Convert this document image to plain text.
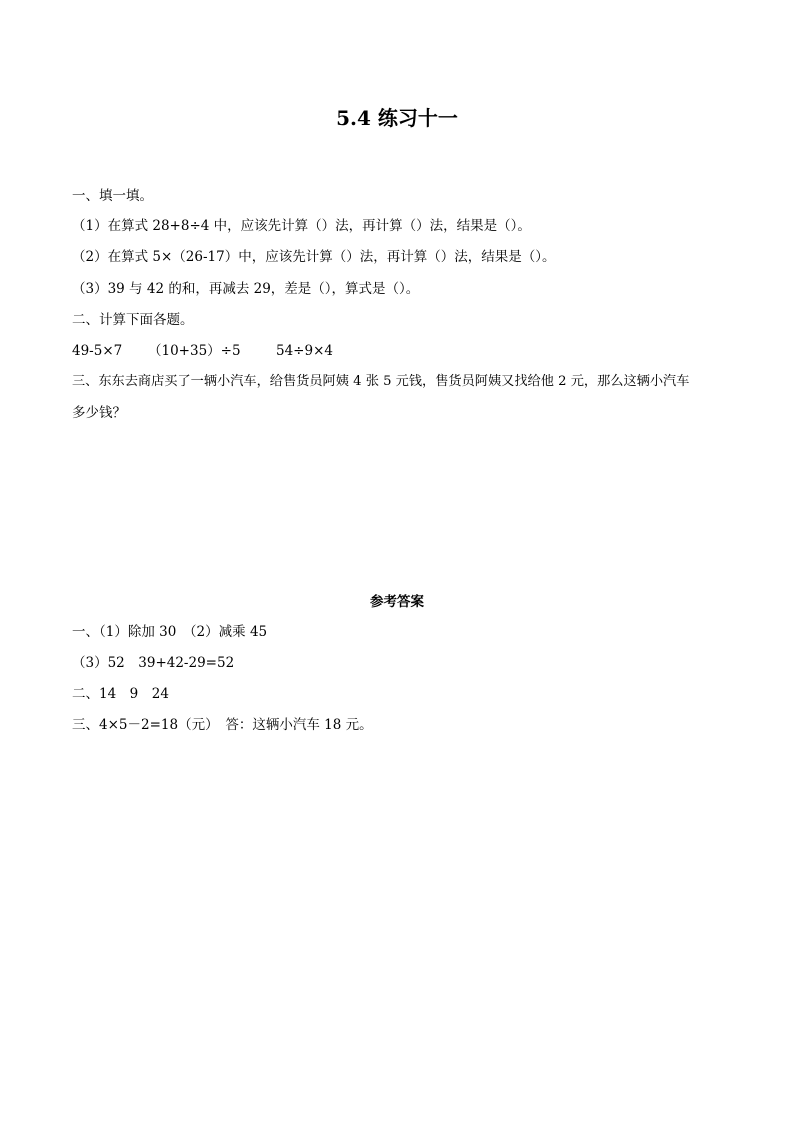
5.4 练习十一
一、填一填。
（1）在算式 28+8÷4 中，应该先计算（）法，再计算（）法，结果是（）。
（2）在算式 5×（26-17）中，应该先计算（）法，再计算（）法，结果是（）。
（3）39 与 42 的和，再减去 29，差是（），算式是（）。
二、计算下面各题。
49-5×7 （10+35）÷5	54÷9×4
三、东东去商店买了一辆小汽车，给售货员阿姨 4 张 5 元钱，售货员阿姨又找给他 2 元，那么这辆小汽车
多少钱？
参考答案
一、（1）除加 30　（2）减乘 45
（3）52　39+42-29=52
二、14　9　24
三、4×5－2=18（元）　答：这辆小汽车 18 元。
